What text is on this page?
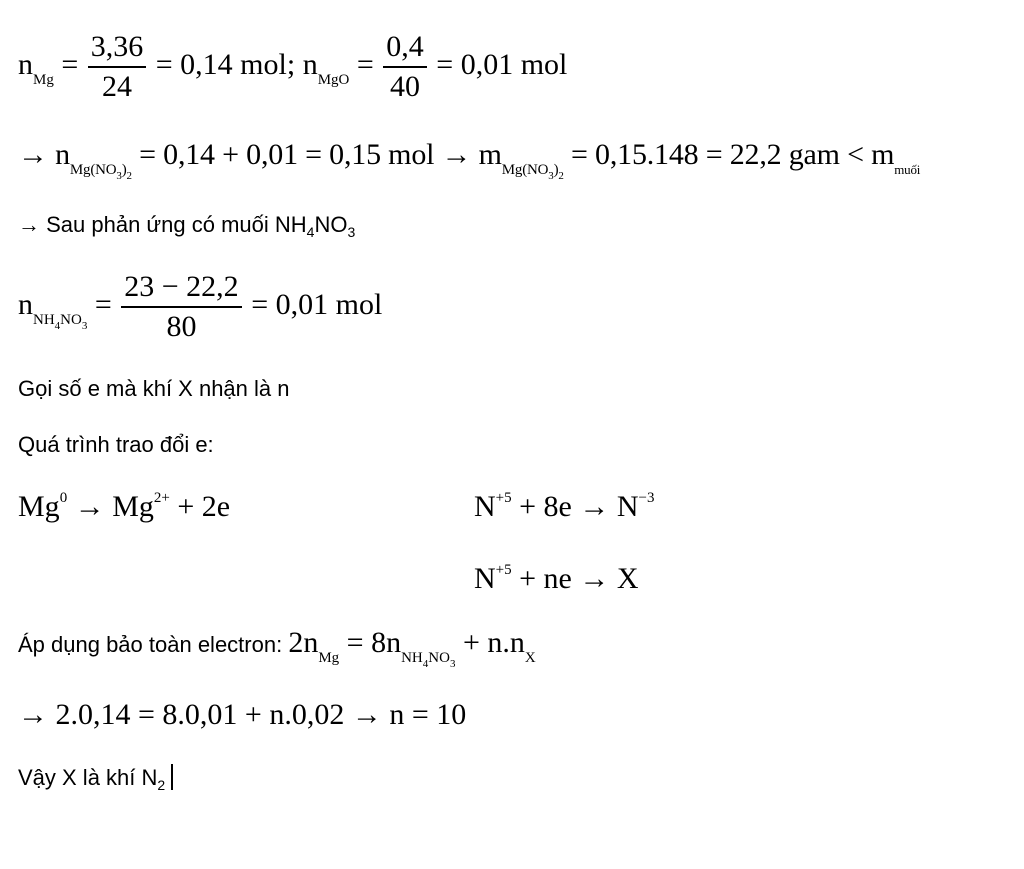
$n_{Mg} = \frac{3,36}{24} = 0,14$ mol; $n_{MgO} = \frac{0,4}{40} = 0,01$ mol
→ $n_{Mg(NO_3)_2} = 0,14 + 0,01 = 0,15$ mol → $m_{Mg(NO_3)_2} = 0,15.148 = 22,2$ gam < $m_{muối}$
→ Sau phản ứng có muối $NH_4NO_3$
$n_{NH_4NO_3} = \frac{23 - 22,2}{80} = 0,01$ mol
Gọi số e mà khí X nhận là n
Quá trình trao đổi e:
$Mg^0 \to Mg^{2+} + 2e$	$N^{+5} + 8e \to N^{-3}$
$N^{+5}$ + ne → X
Áp dụng bảo toàn electron: $2n_{Mg} = 8n_{NH_4NO_3} + n.n_X$
→ 2.0,14 = 8.0,01 + n.0,02 → n = 10
Vậy X là khí $N_2$
